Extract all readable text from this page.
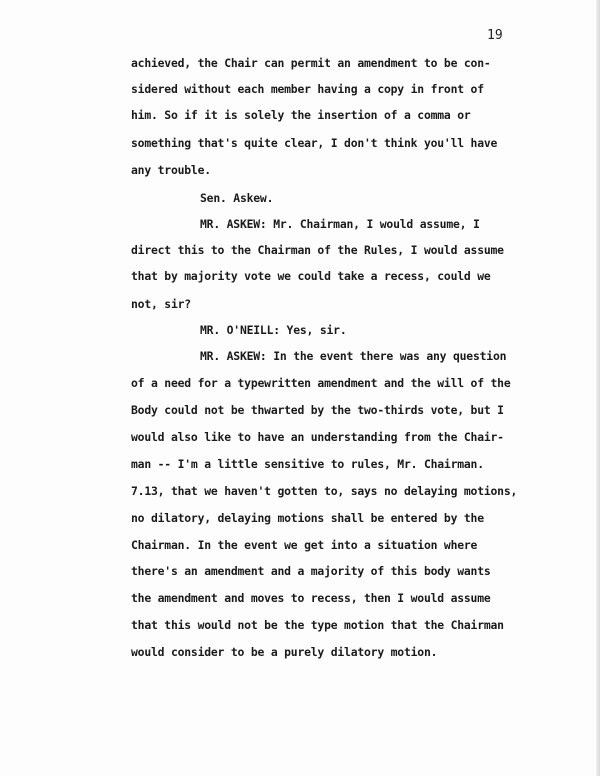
19
achieved, the Chair can permit an amendment to be con-
sidered without each member having a copy in front of
him. So if it is solely the insertion of a comma or
something that's quite clear, I don't think you'll have
any trouble.
Sen. Askew.
MR. ASKEW: Mr. Chairman, I would assume, I
direct this to the Chairman of the Rules, I would assume
that by majority vote we could take a recess, could we
not, sir?
MR. O'NEILL: Yes, sir.
MR. ASKEW: In the event there was any question
of a need for a typewritten amendment and the will of the
Body could not be thwarted by the two-thirds vote, but I
would also like to have an understanding from the Chair-
man -- I'm a little sensitive to rules, Mr. Chairman.
7.13, that we haven't gotten to, says no delaying motions,
no dilatory, delaying motions shall be entered by the
Chairman. In the event we get into a situation where
there's an amendment and a majority of this body wants
the amendment and moves to recess, then I would assume
that this would not be the type motion that the Chairman
would consider to be a purely dilatory motion.
